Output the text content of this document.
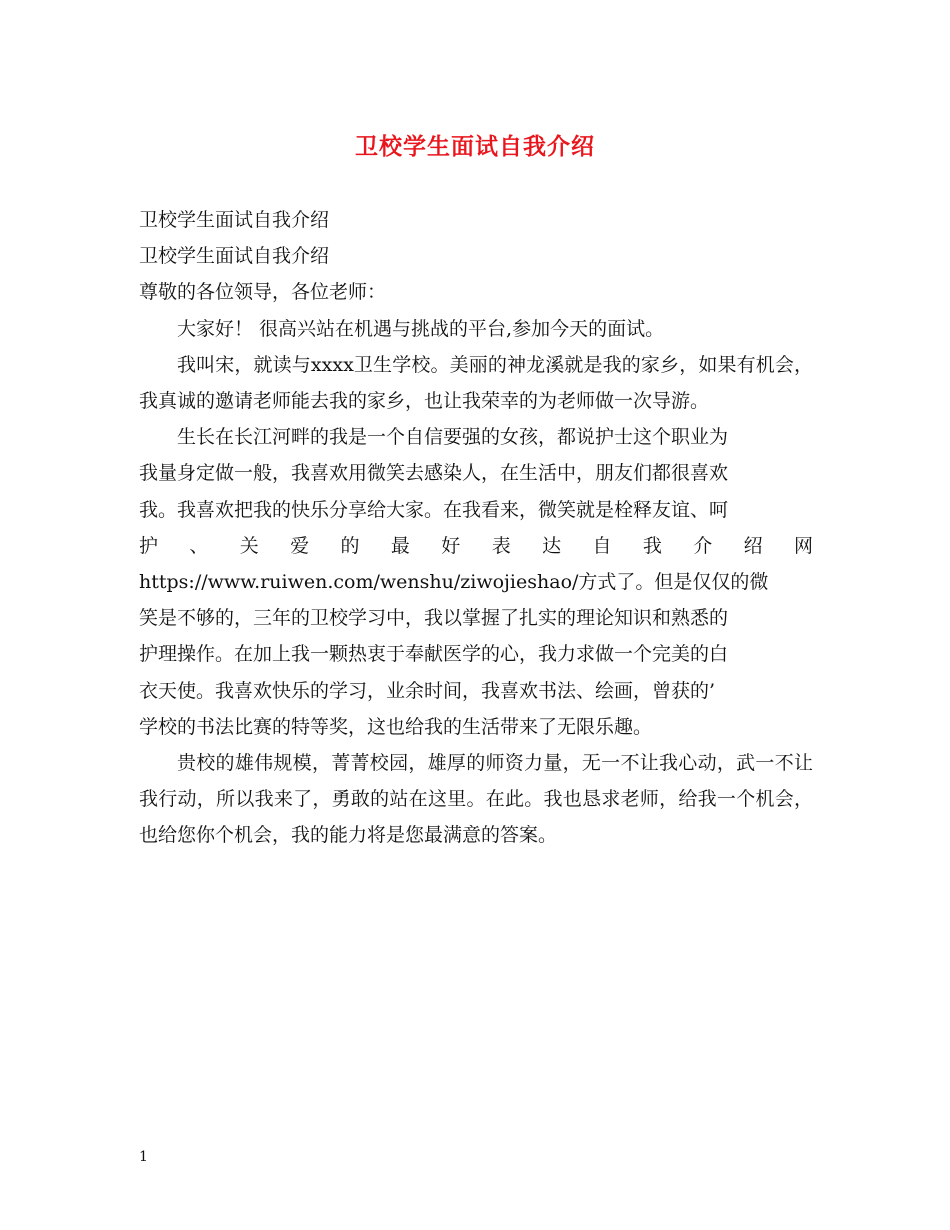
卫校学生面试自我介绍

卫校学生面试自我介绍

卫校学生面试自我介绍

尊敬的各位领导，各位老师：

大家好！ 很高兴站在机遇与挑战的平台,参加今天的面试。

我叫宋，就读与xxxx卫生学校。美丽的神龙溪就是我的家乡，如果有机会，我真诚的邀请老师能去我的家乡，也让我荣幸的为老师做一次导游。

生长在长江河畔的我是一个自信要强的女孩，都说护士这个职业为
我量身定做一般，我喜欢用微笑去感染人，在生活中，朋友们都很喜欢
我。我喜欢把我的快乐分享给大家。在我看来，微笑就是栓释友谊、呵
护 、 关 爱 的 最 好 表 达 自 我 介 绍 网
https://www.ruiwen.com/wenshu/ziwojieshao/方式了。但是仅仅的微
笑是不够的，三年的卫校学习中，我以掌握了扎实的理论知识和熟悉的
护理操作。在加上我一颗热衷于奉献医学的心，我力求做一个完美的白
衣天使。我喜欢快乐的学习，业余时间，我喜欢书法、绘画，曾获的’
学校的书法比赛的特等奖，这也给我的生活带来了无限乐趣。

贵校的雄伟规模，菁菁校园，雄厚的师资力量，无一不让我心动，武一不让我行动，所以我来了，勇敢的站在这里。在此。我也恳求老师，给我一个机会，也给您你个机会，我的能力将是您最满意的答案。

1
